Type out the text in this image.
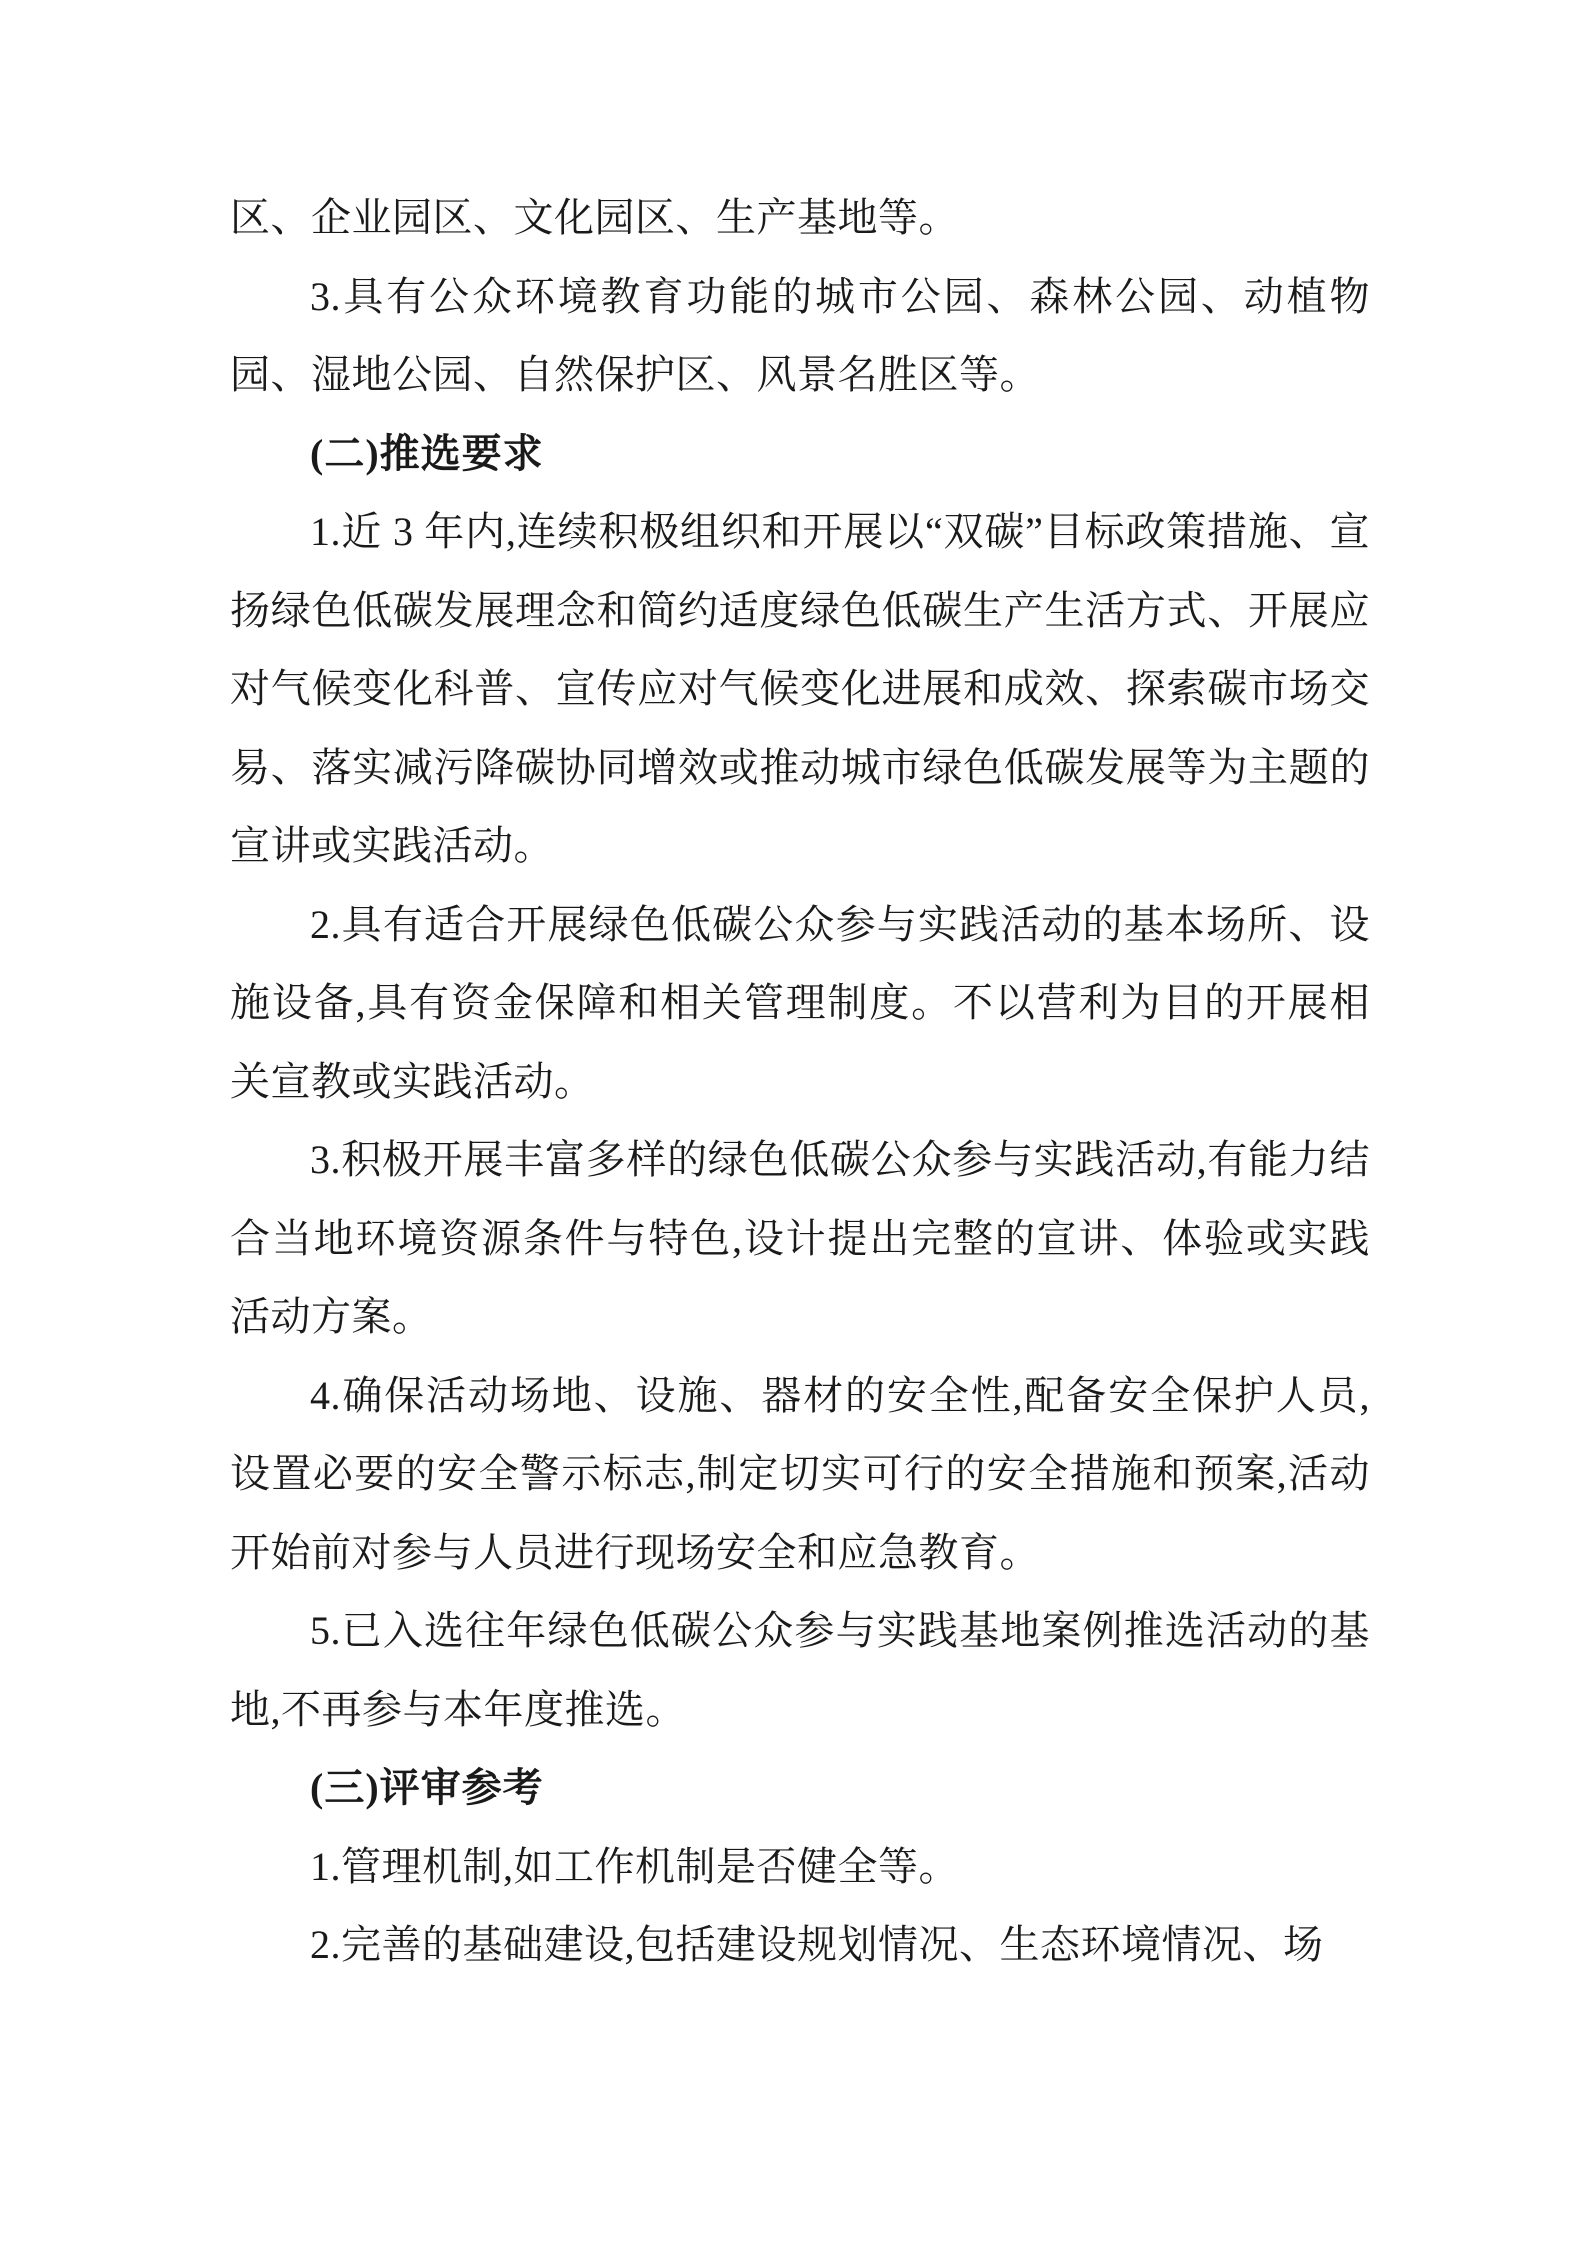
区、企业园区、文化园区、生产基地等。

3.具有公众环境教育功能的城市公园、森林公园、动植物园、湿地公园、自然保护区、风景名胜区等。

(二)推选要求

1.近 3 年内,连续积极组织和开展以“双碳”目标政策措施、宣扬绿色低碳发展理念和简约适度绿色低碳生产生活方式、开展应对气候变化科普、宣传应对气候变化进展和成效、探索碳市场交易、落实减污降碳协同增效或推动城市绿色低碳发展等为主题的宣讲或实践活动。

2.具有适合开展绿色低碳公众参与实践活动的基本场所、设施设备,具有资金保障和相关管理制度。不以营利为目的开展相关宣教或实践活动。

3.积极开展丰富多样的绿色低碳公众参与实践活动,有能力结合当地环境资源条件与特色,设计提出完整的宣讲、体验或实践活动方案。

4.确保活动场地、设施、器材的安全性,配备安全保护人员,设置必要的安全警示标志,制定切实可行的安全措施和预案,活动开始前对参与人员进行现场安全和应急教育。

5.已入选往年绿色低碳公众参与实践基地案例推选活动的基地,不再参与本年度推选。

(三)评审参考

1.管理机制,如工作机制是否健全等。

2.完善的基础建设,包括建设规划情况、生态环境情况、场
